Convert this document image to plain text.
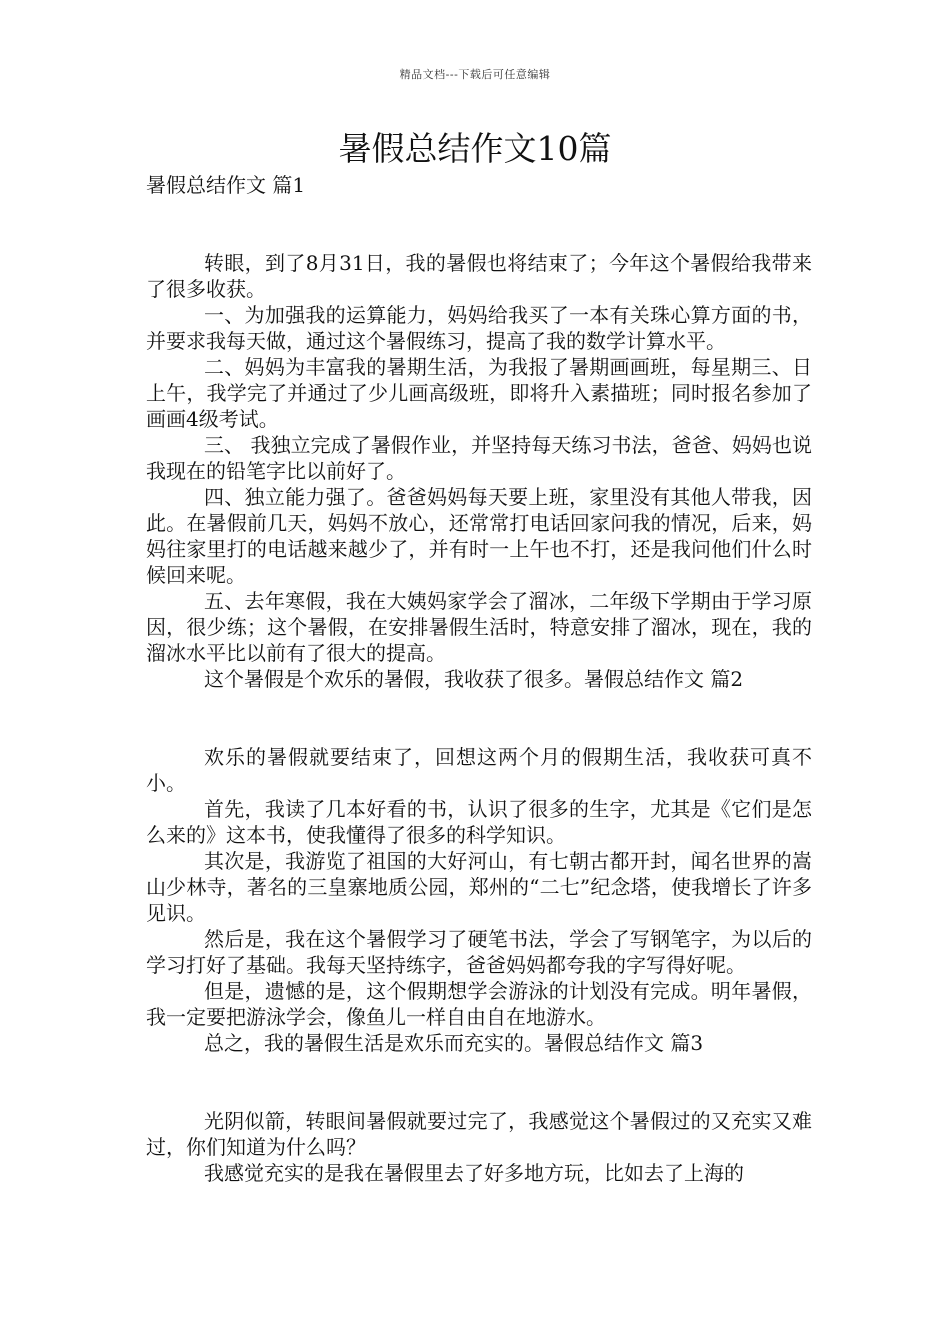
精品文档---下载后可任意编辑
暑假总结作文10篇

暑假总结作文 篇1

转眼，到了8月31日，我的暑假也将结束了；今年这个暑假给我带来了很多收获。

一、为加强我的运算能力，妈妈给我买了一本有关珠心算方面的书，并要求我每天做，通过这个暑假练习，提高了我的数学计算水平。

二、妈妈为丰富我的暑期生活，为我报了暑期画画班，每星期三、日上午，我学完了并通过了少儿画高级班，即将升入素描班；同时报名参加了画画4级考试。

三、 我独立完成了暑假作业，并坚持每天练习书法，爸爸、妈妈也说我现在的铅笔字比以前好了。

四、独立能力强了。爸爸妈妈每天要上班，家里没有其他人带我，因此。在暑假前几天，妈妈不放心，还常常打电话回家问我的情况，后来，妈妈往家里打的电话越来越少了，并有时一上午也不打，还是我问他们什么时候回来呢。

五、去年寒假，我在大姨妈家学会了溜冰，二年级下学期由于学习原因，很少练；这个暑假，在安排暑假生活时，特意安排了溜冰，现在，我的溜冰水平比以前有了很大的提高。

这个暑假是个欢乐的暑假，我收获了很多。暑假总结作文 篇2

欢乐的暑假就要结束了，回想这两个月的假期生活，我收获可真不小。

首先，我读了几本好看的书，认识了很多的生字，尤其是《它们是怎么来的》这本书，使我懂得了很多的科学知识。

其次是，我游览了祖国的大好河山，有七朝古都开封，闻名世界的嵩山少林寺，著名的三皇寨地质公园，郑州的“二七”纪念塔，使我增长了许多见识。

然后是，我在这个暑假学习了硬笔书法，学会了写钢笔字，为以后的学习打好了基础。我每天坚持练字，爸爸妈妈都夸我的字写得好呢。

但是，遗憾的是，这个假期想学会游泳的计划没有完成。明年暑假，我一定要把游泳学会，像鱼儿一样自由自在地游水。

总之，我的暑假生活是欢乐而充实的。暑假总结作文 篇3

光阴似箭，转眼间暑假就要过完了，我感觉这个暑假过的又充实又难过，你们知道为什么吗？

我感觉充实的是我在暑假里去了好多地方玩，比如去了上海的
